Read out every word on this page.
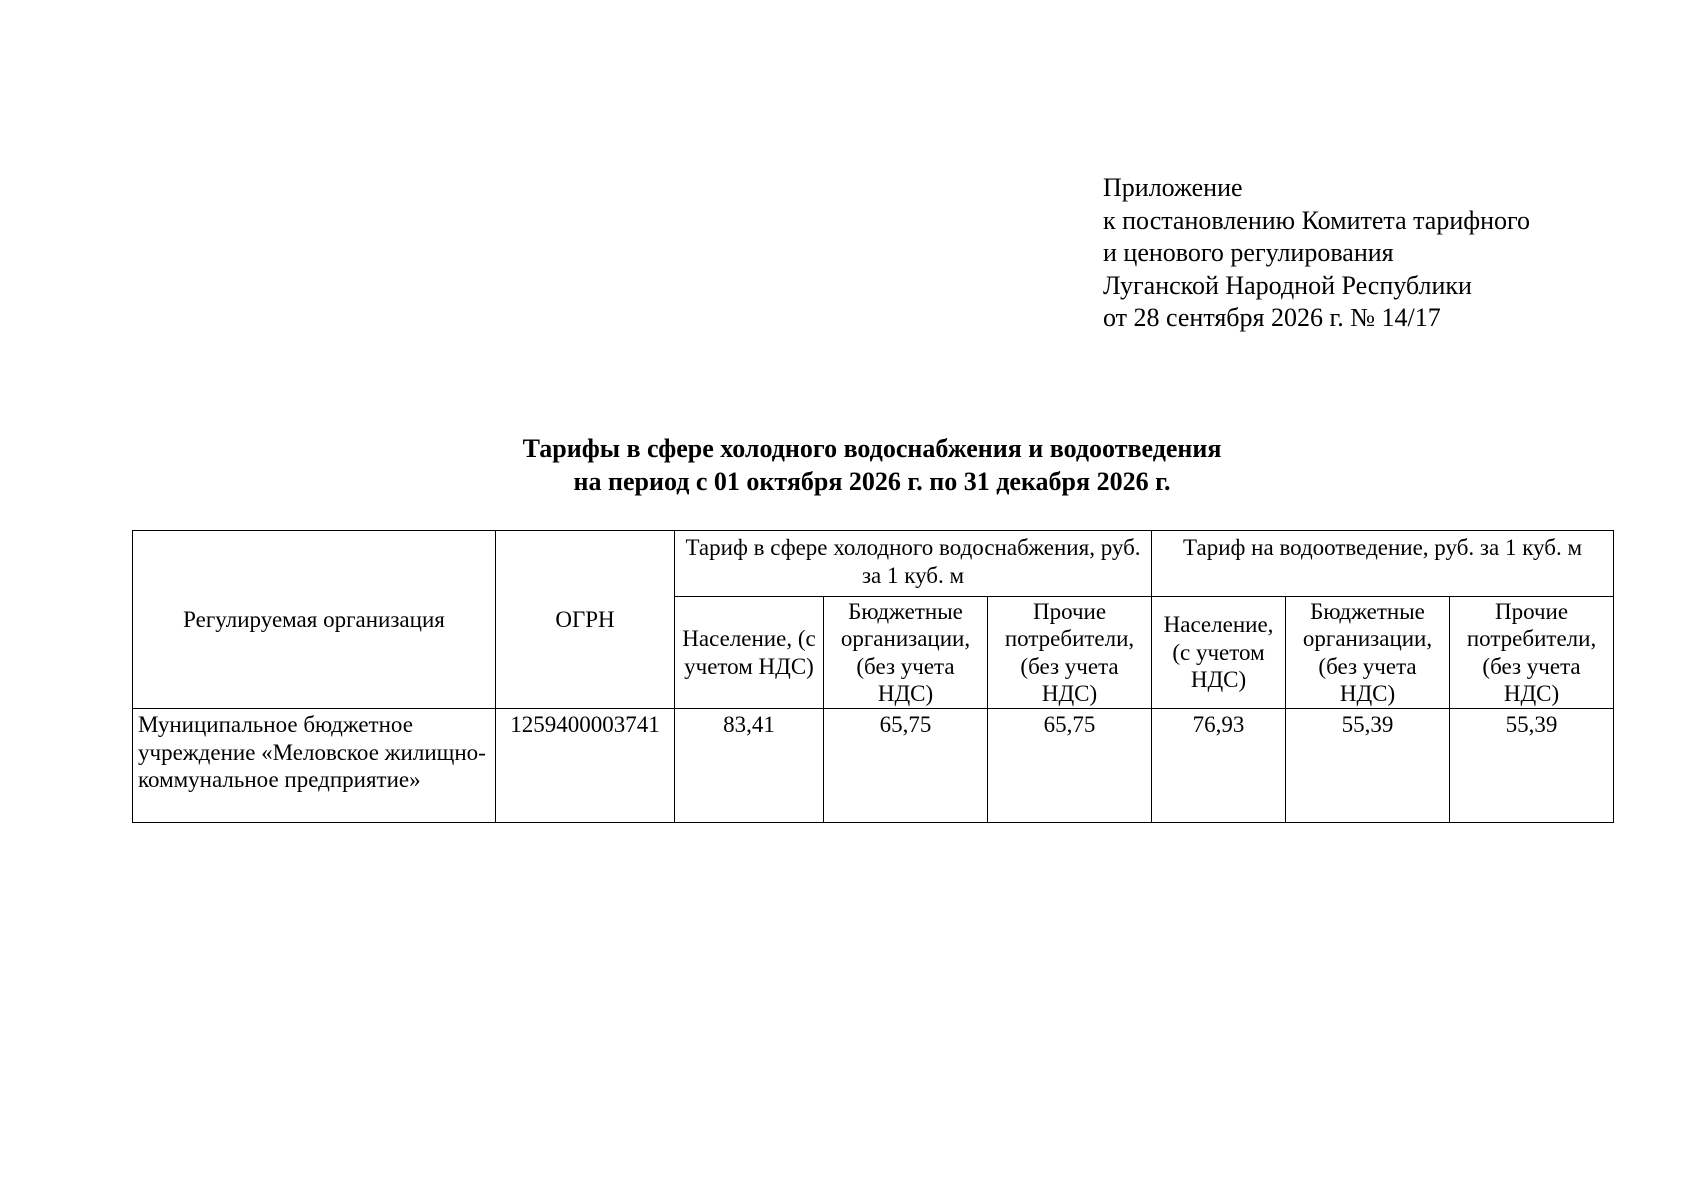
Приложение
к постановлению Комитета тарифного
и ценового регулирования
Луганской Народной Республики
от 28 сентября 2026 г. № 14/17
Тарифы в сфере холодного водоснабжения и водоотведения
на период с 01 октября 2026 г. по 31 декабря 2026 г.
Регулируемая организация	ОГРН	Тариф в сфере холодного водоснабжения, руб. за 1 куб. м			Тариф на водоотведение, руб. за 1 куб. м		
		Население, (с учетом НДС)	Бюджетные организации, (без учета НДС)	Прочие потребители, (без учета НДС)	Население, (с учетом НДС)	Бюджетные организации, (без учета НДС)	Прочие потребители, (без учета НДС)
Муниципальное бюджетное учреждение «Меловское жилищно-коммунальное предприятие»	1259400003741	83,41	65,75	65,75	76,93	55,39	55,39
